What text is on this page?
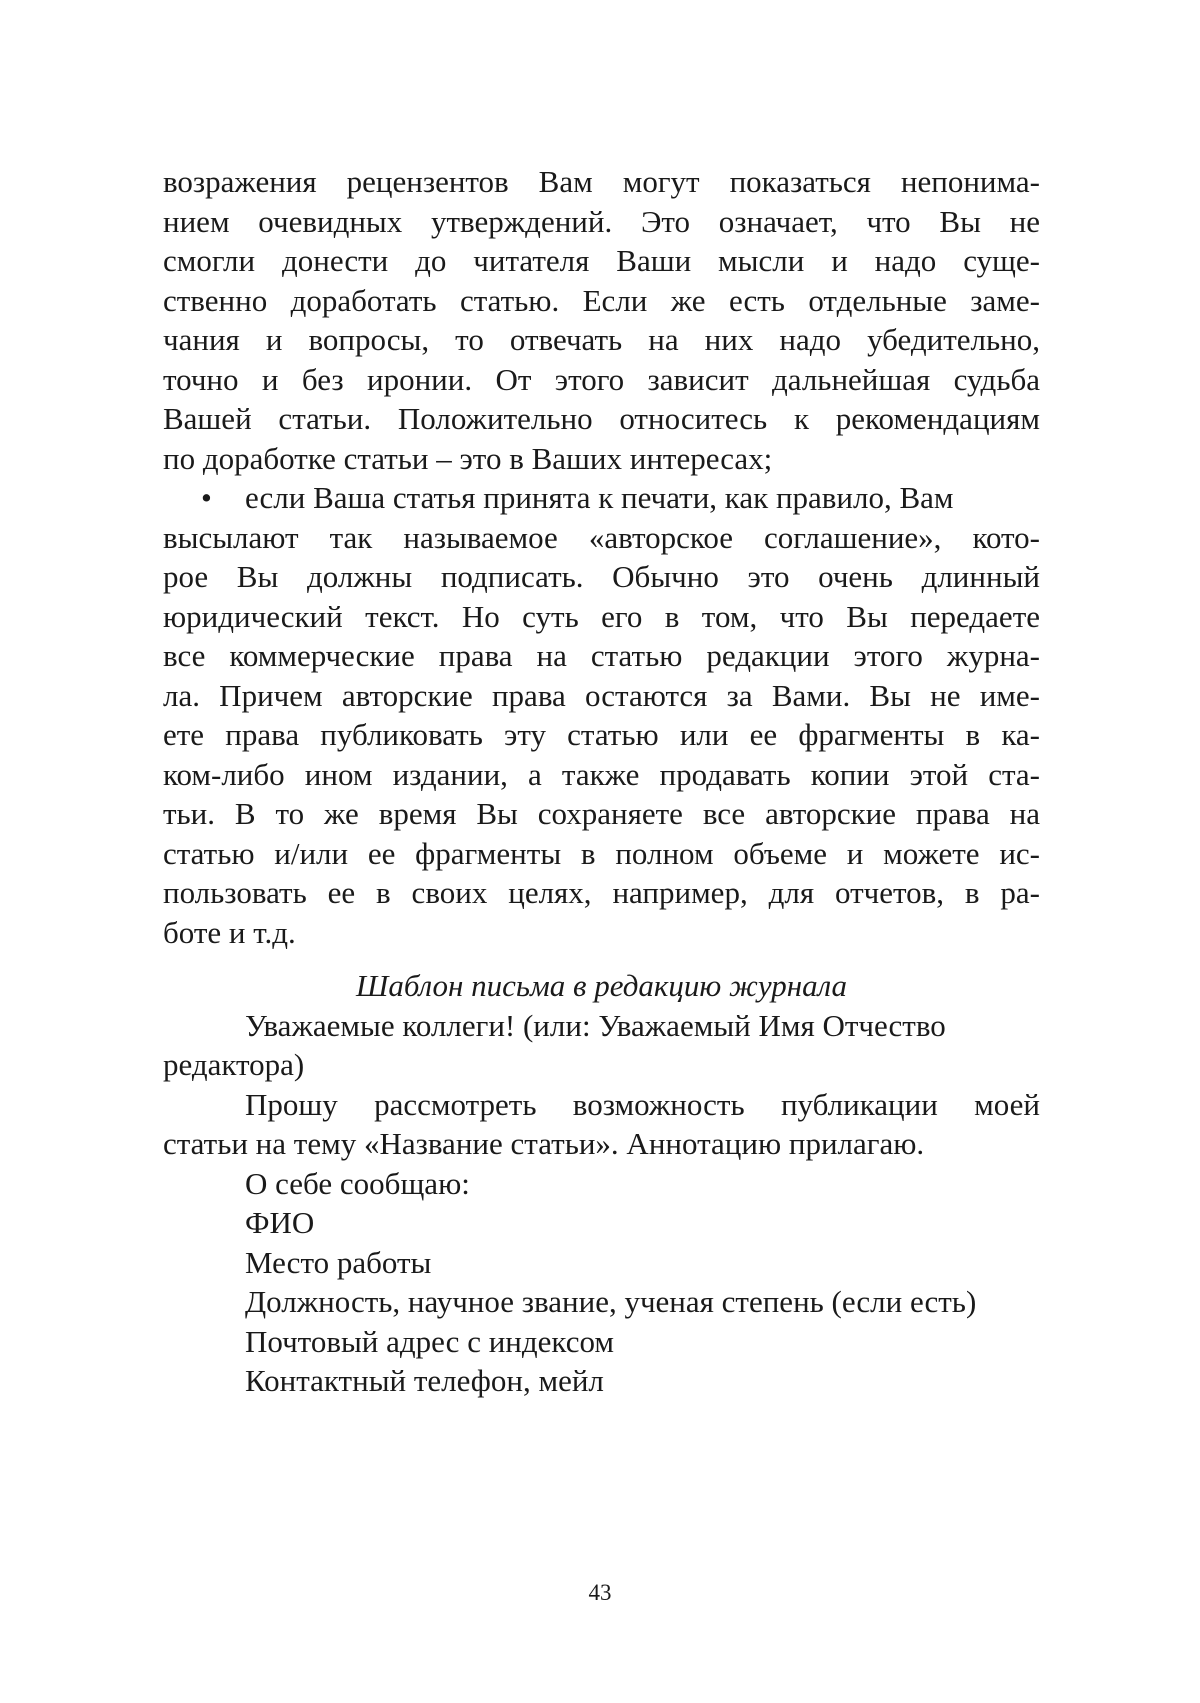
возражения рецензентов Вам могут показаться непонима-
нием очевидных утверждений. Это означает, что Вы не
смогли донести до читателя Ваши мысли и надо суще-
ственно доработать статью. Если же есть отдельные заме-
чания и вопросы, то отвечать на них надо убедительно,
точно и без иронии. От этого зависит дальнейшая судьба
Вашей статьи. Положительно относитесь к рекомендациям
по доработке статьи – это в Ваших интересах;
• если Ваша статья принята к печати, как правило, Вам
высылают так называемое «авторское соглашение», кото-
рое Вы должны подписать. Обычно это очень длинный
юридический текст. Но суть его в том, что Вы передаете
все коммерческие права на статью редакции этого журна-
ла. Причем авторские права остаются за Вами. Вы не име-
ете права публиковать эту статью или ее фрагменты в ка-
ком-либо ином издании, а также продавать копии этой ста-
тьи. В то же время Вы сохраняете все авторские права на
статью и/или ее фрагменты в полном объеме и можете ис-
пользовать ее в своих целях, например, для отчетов, в ра-
боте и т.д.
Шаблон письма в редакцию журнала
Уважаемые коллеги! (или: Уважаемый Имя Отчество
редактора)
Прошу рассмотреть возможность публикации моей
статьи на тему «Название статьи». Аннотацию прилагаю.
О себе сообщаю:
ФИО
Место работы
Должность, научное звание, ученая степень (если есть)
Почтовый адрес с индексом
Контактный телефон, мейл
43
